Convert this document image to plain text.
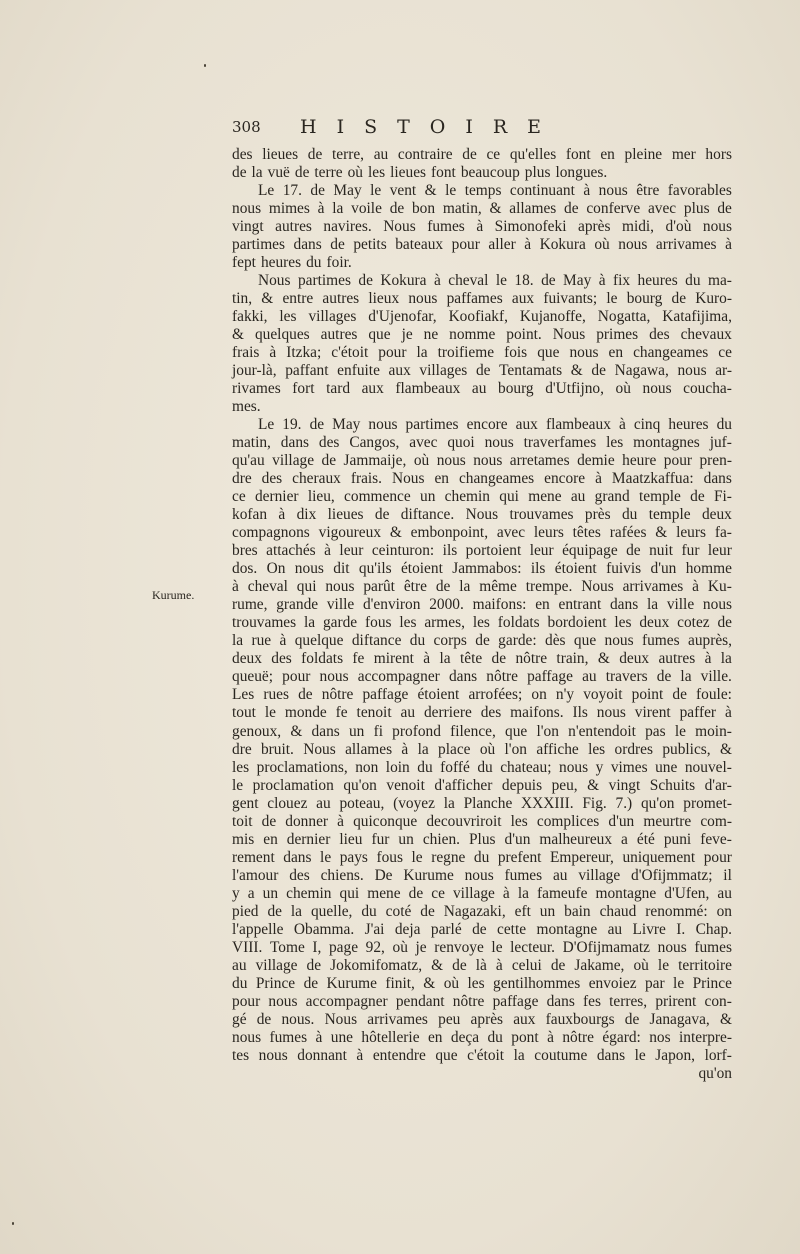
308 HISTOIRE
Kurume.
des lieues de terre, au contraire de ce qu'elles font en pleine mer hors
de la vuë de terre où les lieues font beaucoup plus longues.
Le 17. de May le vent & le temps continuant à nous être favorables
nous mimes à la voile de bon matin, & allames de conferve avec plus de
vingt autres navires. Nous fumes à Simonofeki après midi, d'où nous
partimes dans de petits bateaux pour aller à Kokura où nous arrivames à
fept heures du foir.
Nous partimes de Kokura à cheval le 18. de May à fix heures du ma-
tin, & entre autres lieux nous paffames aux fuivants; le bourg de Kuro-
fakki, les villages d'Ujenofar, Koofiakf, Kujanoffe, Nogatta, Katafijima,
& quelques autres que je ne nomme point. Nous primes des chevaux
frais à Itzka; c'étoit pour la troifieme fois que nous en changeames ce
jour-là, paffant enfuite aux villages de Tentamats & de Nagawa, nous ar-
rivames fort tard aux flambeaux au bourg d'Utfijno, où nous coucha-
mes.
Le 19. de May nous partimes encore aux flambeaux à cinq heures du
matin, dans des Cangos, avec quoi nous traverfames les montagnes juf-
qu'au village de Jammaije, où nous nous arretames demie heure pour pren-
dre des cheraux frais. Nous en changeames encore à Maatzkaffua: dans
ce dernier lieu, commence un chemin qui mene au grand temple de Fi-
kofan à dix lieues de diftance. Nous trouvames près du temple deux
compagnons vigoureux & embonpoint, avec leurs têtes rafées & leurs fa-
bres attachés à leur ceinturon: ils portoient leur équipage de nuit fur leur
dos. On nous dit qu'ils étoient Jammabos: ils étoient fuivis d'un homme
à cheval qui nous parût être de la même trempe. Nous arrivames à Ku-
rume, grande ville d'environ 2000. maifons: en entrant dans la ville nous
trouvames la garde fous les armes, les foldats bordoient les deux cotez de
la rue à quelque diftance du corps de garde: dès que nous fumes auprès,
deux des foldats fe mirent à la tête de nôtre train, & deux autres à la
queuë; pour nous accompagner dans nôtre paffage au travers de la ville.
Les rues de nôtre paffage étoient arrofées; on n'y voyoit point de foule:
tout le monde fe tenoit au derriere des maifons. Ils nous virent paffer à
genoux, & dans un fi profond filence, que l'on n'entendoit pas le moin-
dre bruit. Nous allames à la place où l'on affiche les ordres publics, &
les proclamations, non loin du foffé du chateau; nous y vimes une nouvel-
le proclamation qu'on venoit d'afficher depuis peu, & vingt Schuits d'ar-
gent clouez au poteau, (voyez la Planche XXXIII. Fig. 7.) qu'on promet-
toit de donner à quiconque decouvriroit les complices d'un meurtre com-
mis en dernier lieu fur un chien. Plus d'un malheureux a été puni feve-
rement dans le pays fous le regne du prefent Empereur, uniquement pour
l'amour des chiens. De Kurume nous fumes au village d'Ofijmmatz; il
y a un chemin qui mene de ce village à la fameufe montagne d'Ufen, au
pied de la quelle, du coté de Nagazaki, eft un bain chaud renommé: on
l'appelle Obamma. J'ai deja parlé de cette montagne au Livre I. Chap.
VIII. Tome I, page 92, où je renvoye le lecteur. D'Ofijmamatz nous fumes
au village de Jokomifomatz, & de là à celui de Jakame, où le territoire
du Prince de Kurume finit, & où les gentilhommes envoiez par le Prince
pour nous accompagner pendant nôtre paffage dans fes terres, prirent con-
gé de nous. Nous arrivames peu après aux fauxbourgs de Janagava, &
nous fumes à une hôtellerie en deça du pont à nôtre égard: nos interpre-
tes nous donnant à entendre que c'étoit la coutume dans le Japon, lorf-
qu'on
